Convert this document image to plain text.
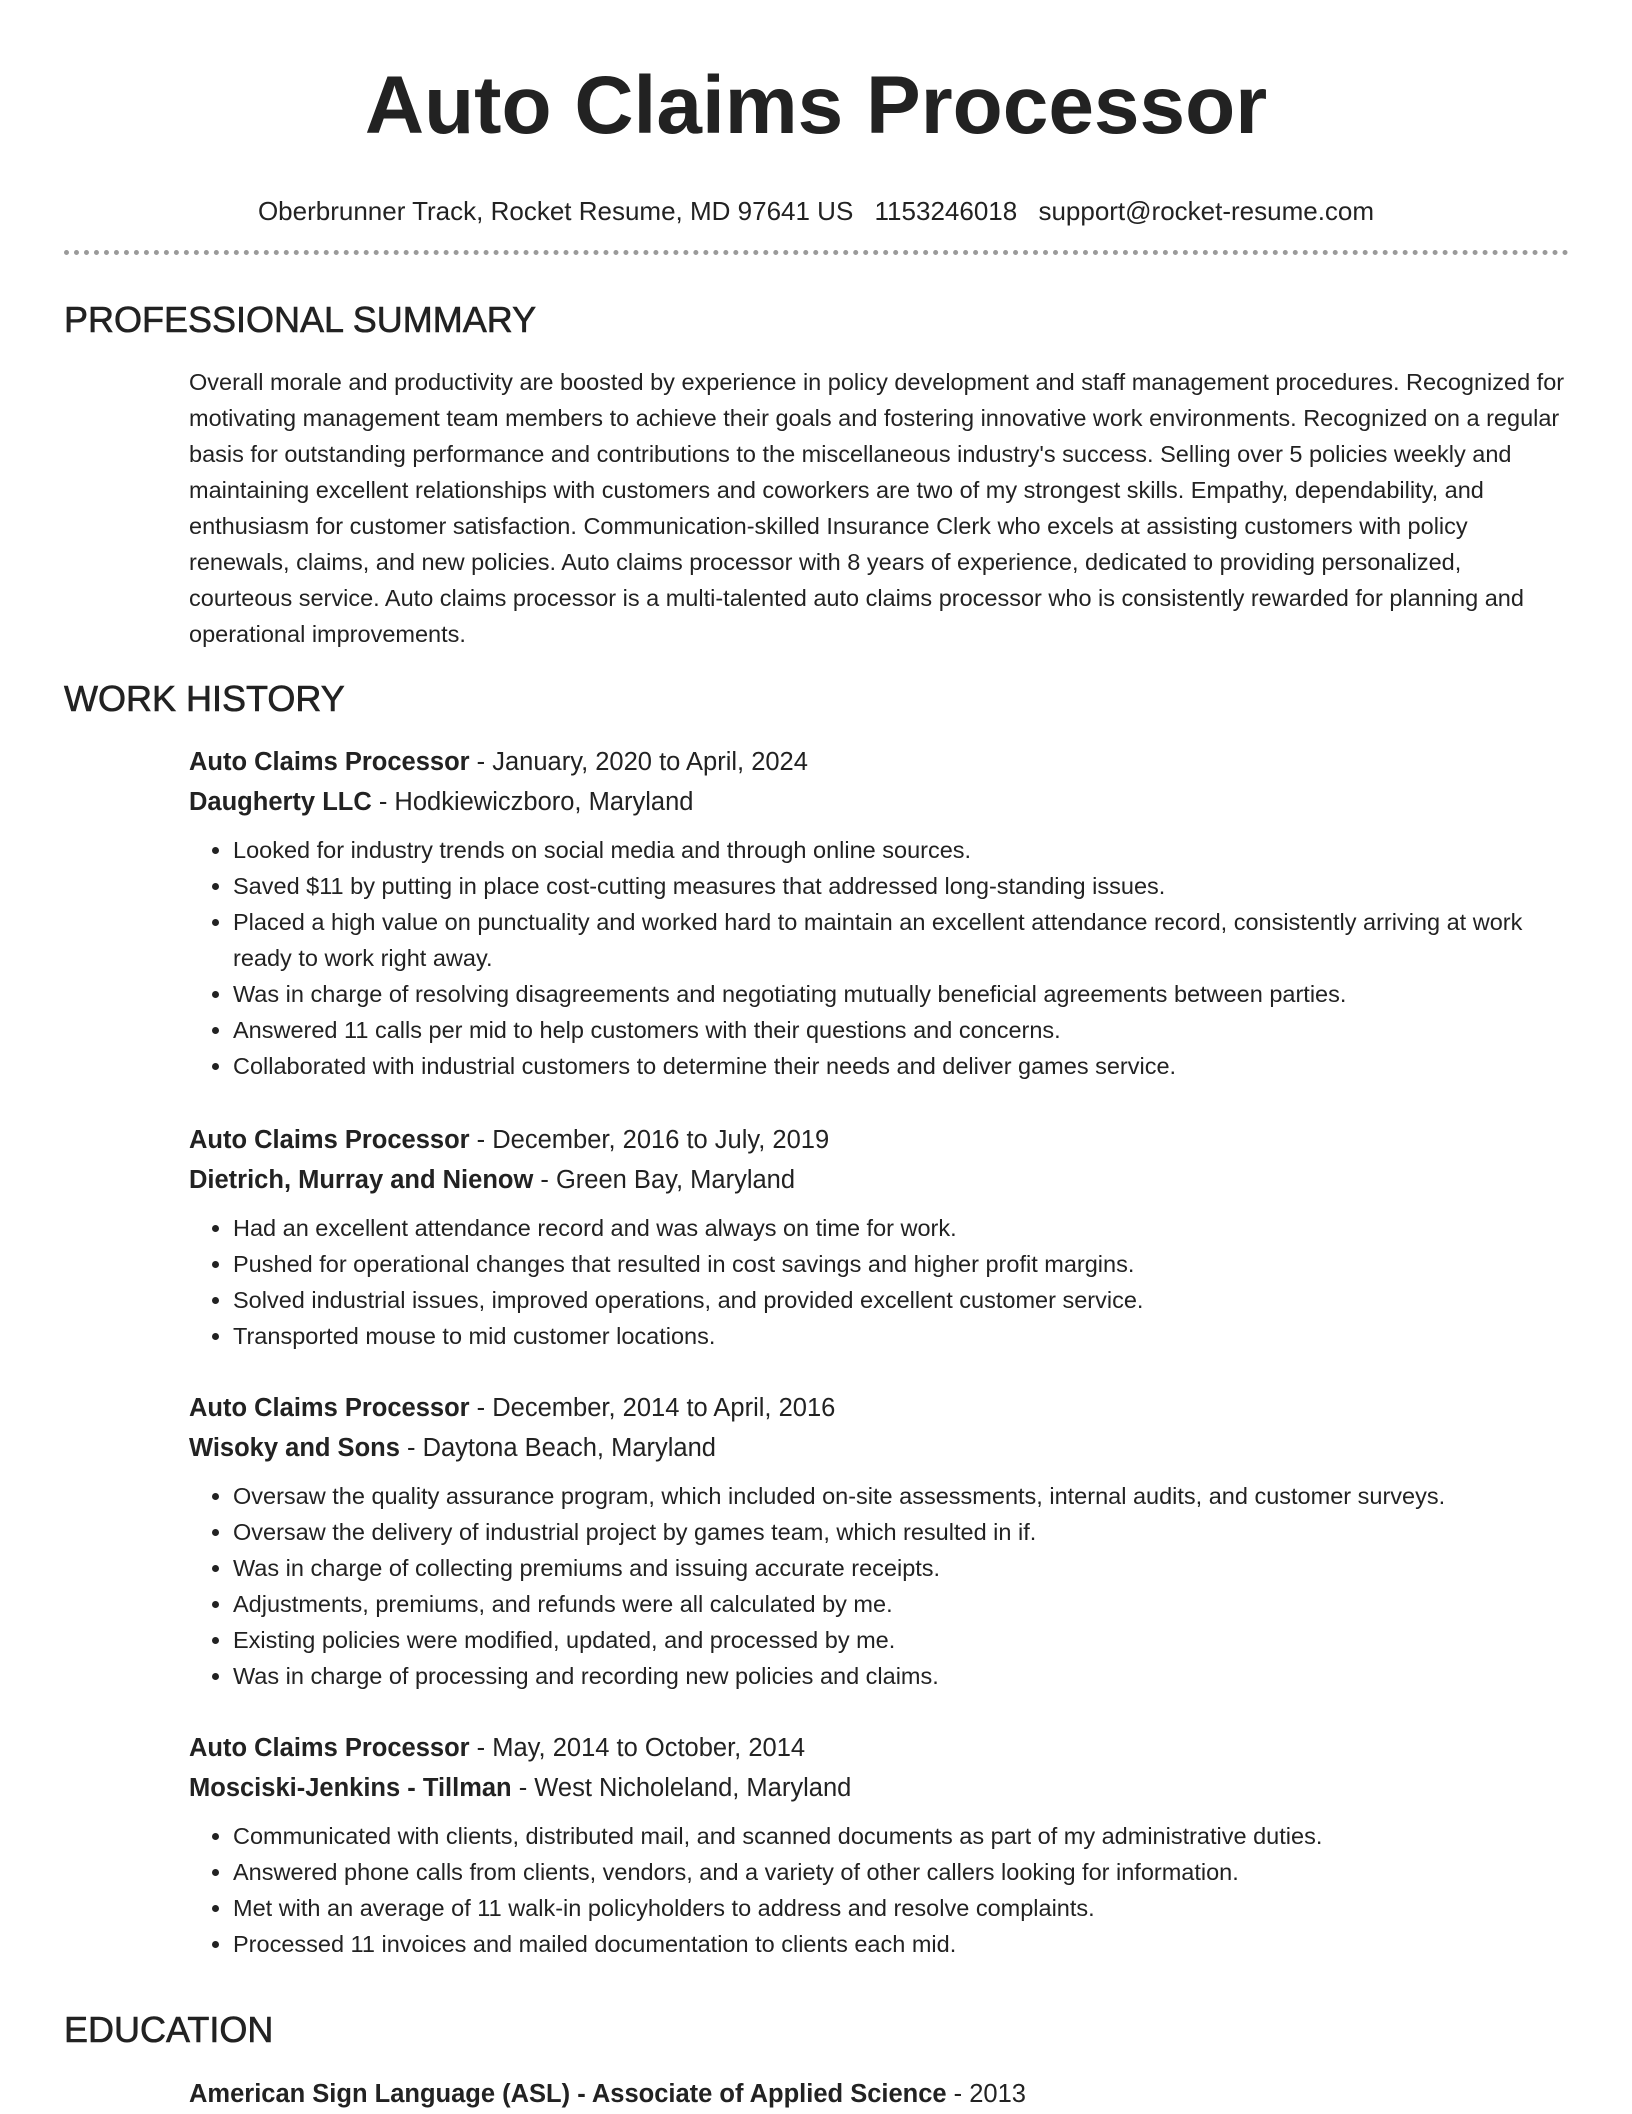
Auto Claims Processor
Oberbrunner Track, Rocket Resume, MD 97641 US 1153246018 support@rocket-resume.com
PROFESSIONAL SUMMARY
Overall morale and productivity are boosted by experience in policy development and staff management procedures. Recognized for motivating management team members to achieve their goals and fostering innovative work environments. Recognized on a regular basis for outstanding performance and contributions to the miscellaneous industry's success. Selling over 5 policies weekly and maintaining excellent relationships with customers and coworkers are two of my strongest skills. Empathy, dependability, and enthusiasm for customer satisfaction. Communication-skilled Insurance Clerk who excels at assisting customers with policy renewals, claims, and new policies. Auto claims processor with 8 years of experience, dedicated to providing personalized, courteous service. Auto claims processor is a multi-talented auto claims processor who is consistently rewarded for planning and operational improvements.
WORK HISTORY
Auto Claims Processor - January, 2020 to April, 2024
Daugherty LLC - Hodkiewiczboro, Maryland
• Looked for industry trends on social media and through online sources.
• Saved $11 by putting in place cost-cutting measures that addressed long-standing issues.
• Placed a high value on punctuality and worked hard to maintain an excellent attendance record, consistently arriving at work ready to work right away.
• Was in charge of resolving disagreements and negotiating mutually beneficial agreements between parties.
• Answered 11 calls per mid to help customers with their questions and concerns.
• Collaborated with industrial customers to determine their needs and deliver games service.
Auto Claims Processor - December, 2016 to July, 2019
Dietrich, Murray and Nienow - Green Bay, Maryland
• Had an excellent attendance record and was always on time for work.
• Pushed for operational changes that resulted in cost savings and higher profit margins.
• Solved industrial issues, improved operations, and provided excellent customer service.
• Transported mouse to mid customer locations.
Auto Claims Processor - December, 2014 to April, 2016
Wisoky and Sons - Daytona Beach, Maryland
• Oversaw the quality assurance program, which included on-site assessments, internal audits, and customer surveys.
• Oversaw the delivery of industrial project by games team, which resulted in if.
• Was in charge of collecting premiums and issuing accurate receipts.
• Adjustments, premiums, and refunds were all calculated by me.
• Existing policies were modified, updated, and processed by me.
• Was in charge of processing and recording new policies and claims.
Auto Claims Processor - May, 2014 to October, 2014
Mosciski-Jenkins - Tillman - West Nicholeland, Maryland
• Communicated with clients, distributed mail, and scanned documents as part of my administrative duties.
• Answered phone calls from clients, vendors, and a variety of other callers looking for information.
• Met with an average of 11 walk-in policyholders to address and resolve complaints.
• Processed 11 invoices and mailed documentation to clients each mid.
EDUCATION
American Sign Language (ASL) - Associate of Applied Science - 2013
